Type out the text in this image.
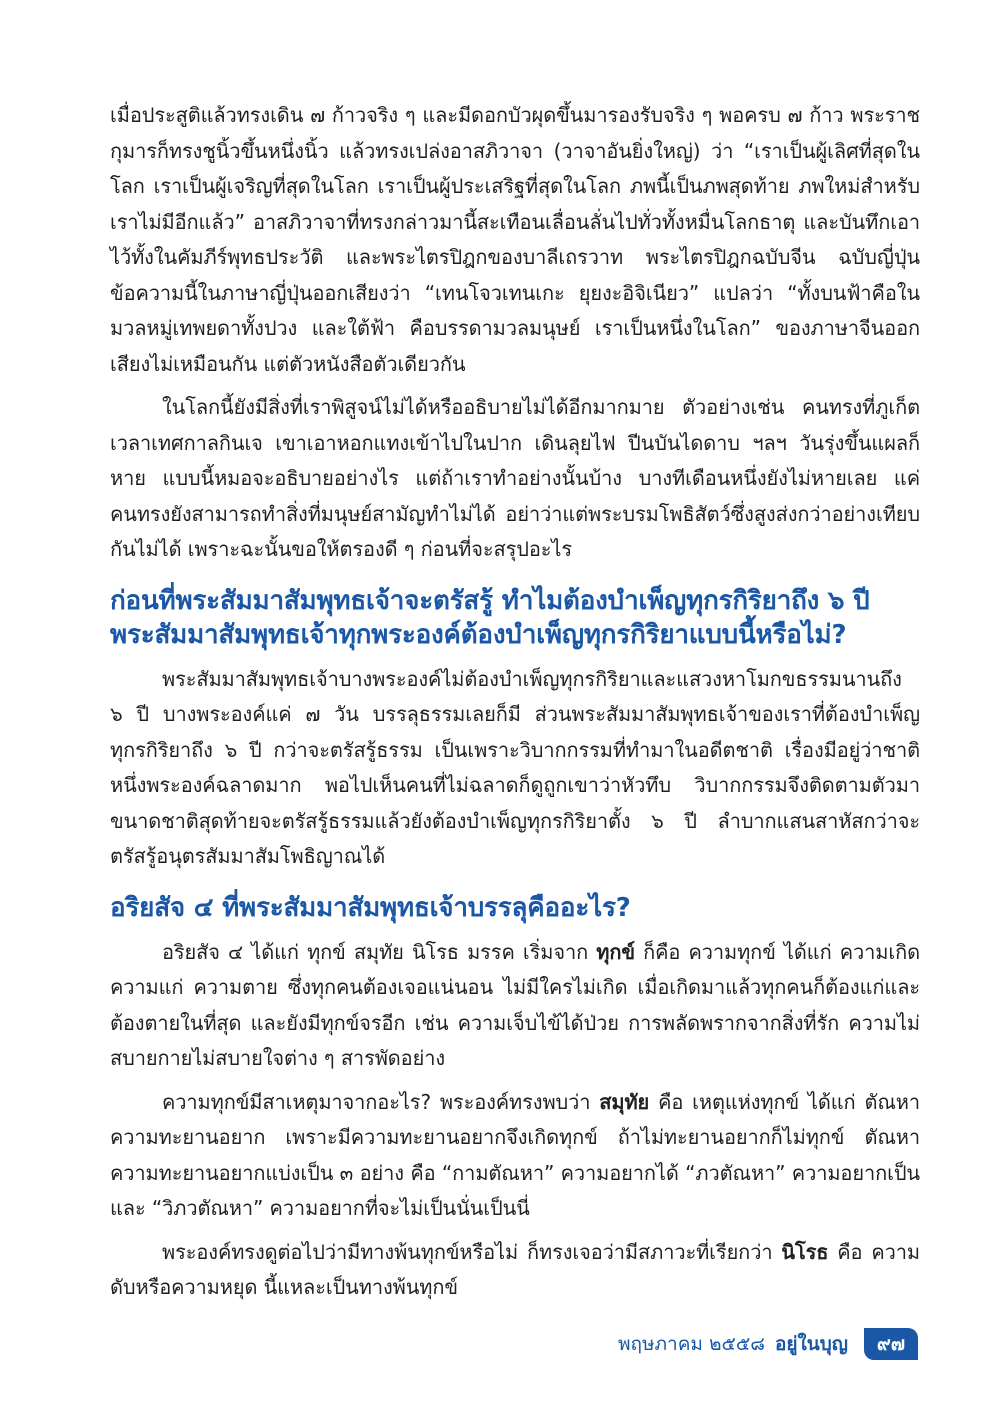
เมื่อประสูติแล้วทรงเดิน ๗ ก้าวจริง ๆ และมีดอกบัวผุดขึ้นมารองรับจริง ๆ พอครบ ๗ ก้าว พระราชกุมารก็ทรงชูนิ้วขึ้นหนึ่งนิ้ว แล้วทรงเปล่งอาสภิวาจา (วาจาอันยิ่งใหญ่) ว่า “เราเป็นผู้เลิศที่สุดในโลก เราเป็นผู้เจริญที่สุดในโลก เราเป็นผู้ประเสริฐที่สุดในโลก ภพนี้เป็นภพสุดท้าย ภพใหม่สำหรับเราไม่มีอีกแล้ว” อาสภิวาจาที่ทรงกล่าวมานี้สะเทือนเลื่อนลั่นไปทั่วทั้งหมื่นโลกธาตุ และบันทึกเอาไว้ทั้งในคัมภีร์พุทธประวัติ และพระไตรปิฎกของบาลีเถรวาท พระไตรปิฎกฉบับจีน ฉบับญี่ปุ่น ข้อความนี้ในภาษาญี่ปุ่นออกเสียงว่า “เทนโจวเทนเกะ ยุยงะอิจิเนียว” แปลว่า “ทั้งบนฟ้าคือในมวลหมู่เทพยดาทั้งปวง และใต้ฟ้า คือบรรดามวลมนุษย์ เราเป็นหนึ่งในโลก” ของภาษาจีนออกเสียงไม่เหมือนกัน แต่ตัวหนังสือตัวเดียวกัน

ในโลกนี้ยังมีสิ่งที่เราพิสูจน์ไม่ได้หรืออธิบายไม่ได้อีกมากมาย ตัวอย่างเช่น คนทรงที่ภูเก็ต เวลาเทศกาลกินเจ เขาเอาหอกแทงเข้าไปในปาก เดินลุยไฟ ปีนบันไดดาบ ฯลฯ วันรุ่งขึ้นแผลก็หาย แบบนี้หมอจะอธิบายอย่างไร แต่ถ้าเราทำอย่างนั้นบ้าง บางทีเดือนหนึ่งยังไม่หายเลย แค่คนทรงยังสามารถทำสิ่งที่มนุษย์สามัญทำไม่ได้ อย่าว่าแต่พระบรมโพธิสัตว์ซึ่งสูงส่งกว่าอย่างเทียบกันไม่ได้ เพราะฉะนั้นขอให้ตรองดี ๆ ก่อนที่จะสรุปอะไร

ก่อนที่พระสัมมาสัมพุทธเจ้าจะตรัสรู้ ทำไมต้องบำเพ็ญทุกรกิริยาถึง ๖ ปี พระสัมมาสัมพุทธเจ้าทุกพระองค์ต้องบำเพ็ญทุกรกิริยาแบบนี้หรือไม่?

พระสัมมาสัมพุทธเจ้าบางพระองค์ไม่ต้องบำเพ็ญทุกรกิริยาและแสวงหาโมกขธรรมนานถึง ๖ ปี บางพระองค์แค่ ๗ วัน บรรลุธรรมเลยก็มี ส่วนพระสัมมาสัมพุทธเจ้าของเราที่ต้องบำเพ็ญทุกรกิริยาถึง ๖ ปี กว่าจะตรัสรู้ธรรม เป็นเพราะวิบากกรรมที่ทำมาในอดีตชาติ เรื่องมีอยู่ว่าชาติหนึ่งพระองค์ฉลาดมาก พอไปเห็นคนที่ไม่ฉลาดก็ดูถูกเขาว่าหัวทึบ วิบากกรรมจึงติดตามตัวมาขนาดชาติสุดท้ายจะตรัสรู้ธรรมแล้วยังต้องบำเพ็ญทุกรกิริยาตั้ง ๖ ปี ลำบากแสนสาหัสกว่าจะตรัสรู้อนุตรสัมมาสัมโพธิญาณได้

อริยสัจ ๔ ที่พระสัมมาสัมพุทธเจ้าบรรลุคืออะไร?

อริยสัจ ๔ ได้แก่ ทุกข์ สมุทัย นิโรธ มรรค เริ่มจาก ทุกข์ ก็คือ ความทุกข์ ได้แก่ ความเกิด ความแก่ ความตาย ซึ่งทุกคนต้องเจอแน่นอน ไม่มีใครไม่เกิด เมื่อเกิดมาแล้วทุกคนก็ต้องแก่และต้องตายในที่สุด และยังมีทุกข์จรอีก เช่น ความเจ็บไข้ได้ป่วย การพลัดพรากจากสิ่งที่รัก ความไม่สบายกายไม่สบายใจต่าง ๆ สารพัดอย่าง

ความทุกข์มีสาเหตุมาจากอะไร? พระองค์ทรงพบว่า สมุทัย คือ เหตุแห่งทุกข์ ได้แก่ ตัณหา ความทะยานอยาก เพราะมีความทะยานอยากจึงเกิดทุกข์ ถ้าไม่ทะยานอยากก็ไม่ทุกข์ ตัณหาความทะยานอยากแบ่งเป็น ๓ อย่าง คือ “กามตัณหา” ความอยากได้ “ภวตัณหา” ความอยากเป็น และ “วิภวตัณหา” ความอยากที่จะไม่เป็นนั่นเป็นนี่

พระองค์ทรงดูต่อไปว่ามีทางพ้นทุกข์หรือไม่ ก็ทรงเจอว่ามีสภาวะที่เรียกว่า นิโรธ คือ ความดับหรือความหยุด นี้แหละเป็นทางพ้นทุกข์

พฤษภาคม ๒๕๕๘ อยู่ในบุญ	๙๗
